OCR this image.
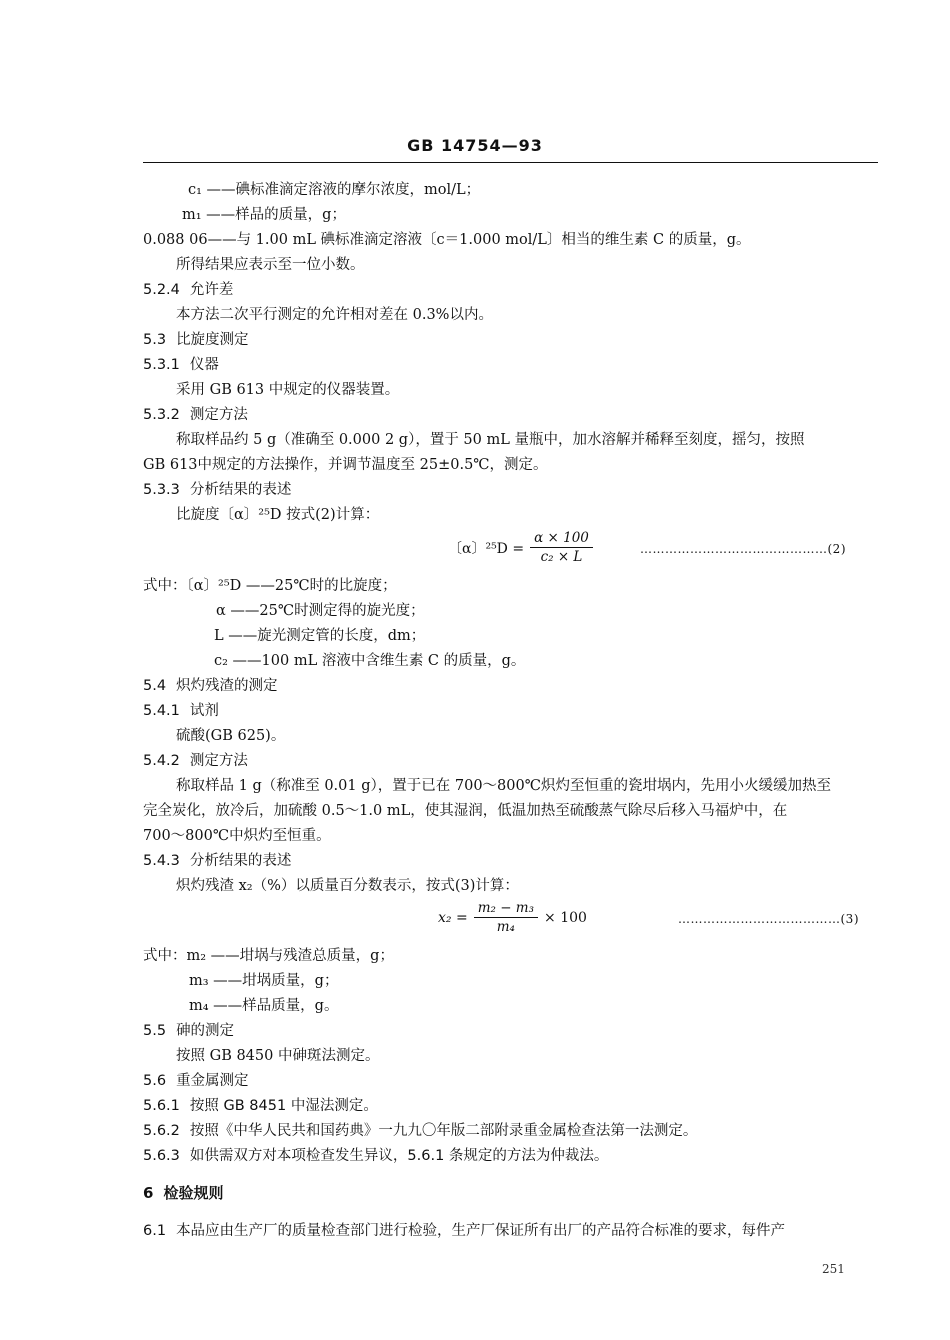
GB 14754—93
c₁ ——碘标准滴定溶液的摩尔浓度，mol/L；
m₁ ——样品的质量，g；
0.088 06——与 1.00 mL 碘标准滴定溶液〔c＝1.000 mol/L〕相当的维生素 C 的质量，g。
所得结果应表示至一位小数。
5.2.4 允许差
本方法二次平行测定的允许相对差在 0.3%以内。
5.3 比旋度测定
5.3.1 仪器
采用 GB 613 中规定的仪器装置。
5.3.2 测定方法
称取样品约 5 g（准确至 0.000 2 g），置于 50 mL 量瓶中，加水溶解并稀释至刻度，摇匀，按照
GB 613中规定的方法操作，并调节温度至 25±0.5℃，测定。
5.3.3 分析结果的表述
比旋度〔α〕²⁵D 按式(2)计算：
〔α〕$^{25}D = \frac{\alpha \times 100}{\text{c₂ × L}}$	………………………………………(2)
式中：〔α〕²⁵D ——25℃时的比旋度；
α ——25℃时测定得的旋光度；
L ——旋光测定管的长度，dm；
c₂ ——100 mL 溶液中含维生素 C 的质量，g。
5.4 炽灼残渣的测定
5.4.1 试剂
硫酸(GB 625)。
5.4.2 测定方法
称取样品 1 g（称准至 0.01 g），置于已在 700～800℃炽灼至恒重的瓷坩埚内，先用小火缓缓加热至
完全炭化，放冷后，加硫酸 0.5～1.0 mL，使其湿润，低温加热至硫酸蒸气除尽后移入马福炉中，在
700～800℃中炽灼至恒重。
5.4.3 分析结果的表述
炽灼残渣 x₂（%）以质量百分数表示，按式(3)计算：
$x_2 = \frac{\text{m₂ − m₃}}{\text{m₄}} \times 100$	…………………………………(3)
式中：m₂ ——坩埚与残渣总质量，g；
m₃ ——坩埚质量，g；
m₄ ——样品质量，g。
5.5 砷的测定
按照 GB 8450 中砷斑法测定。
5.6 重金属测定
5.6.1 按照 GB 8451 中湿法测定。
5.6.2 按照《中华人民共和国药典》一九九〇年版二部附录重金属检查法第一法测定。
5.6.3 如供需双方对本项检查发生异议，5.6.1 条规定的方法为仲裁法。
6 检验规则
6.1 本品应由生产厂的质量检查部门进行检验，生产厂保证所有出厂的产品符合标准的要求，每件产
251
